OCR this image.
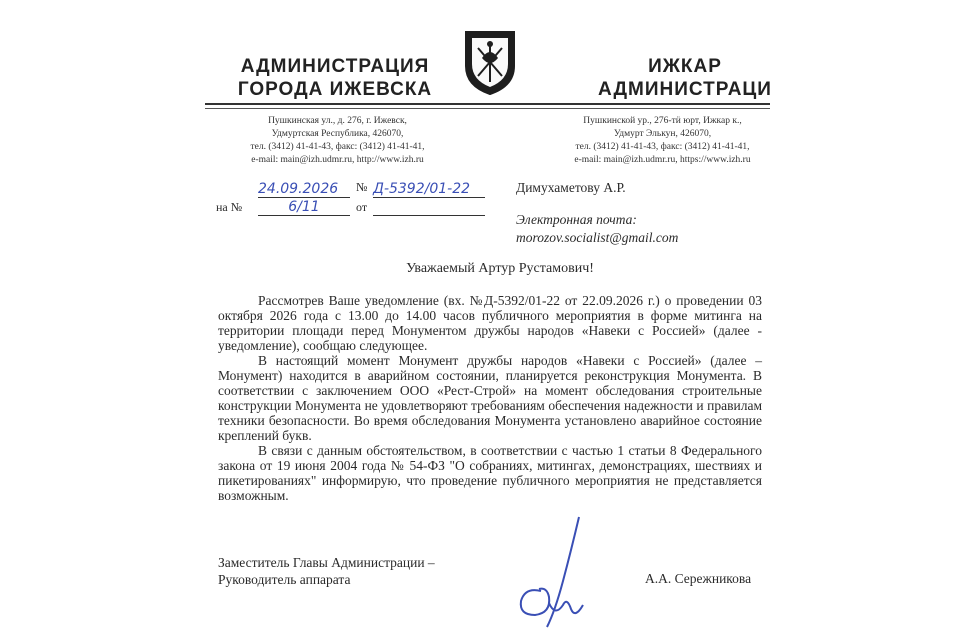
АДМИНИСТРАЦИЯ
ГОРОДА ИЖЕВСКА
ИЖКАР
АДМИНИСТРАЦИ
Пушкинская ул., д. 276, г. Ижевск,
Удмуртская Республика, 426070,
тел. (3412) 41-41-43, факс: (3412) 41-41-41,
e-mail: main@izh.udmr.ru, http://www.izh.ru
Пушкинской ур., 276-тӥ юрт, Ижкар к.,
Удмурт Элькун, 426070,
тел. (3412) 41-41-43, факс: (3412) 41-41-41,
e-mail: main@izh.udmr.ru, https://www.izh.ru
24.09.2026	№ Д-5392/01-22
на №	6/11	от
Димухаметову А.Р.
Электронная почта:
morozov.socialist@gmail.com
Уважаемый Артур Рустамович!

Рассмотрев Ваше уведомление (вх. №Д-5392/01-22 от 22.09.2026 г.) о проведении 03 октября 2026 года с 13.00 до 14.00 часов публичного мероприятия в форме митинга на территории площади перед Монументом дружбы народов «Навеки с Россией» (далее - уведомление), сообщаю следующее.

В настоящий момент Монумент дружбы народов «Навеки с Россией» (далее – Монумент) находится в аварийном состоянии, планируется реконструкция Монумента. В соответствии с заключением ООО «Рест-Строй» на момент обследования строительные конструкции Монумента не удовлетворяют требованиям обеспечения надежности и правилам техники безопасности. Во время обследования Монумента установлено аварийное состояние креплений букв.

В связи с данным обстоятельством, в соответствии с частью 1 статьи 8 Федерального закона от 19 июня 2004 года № 54-ФЗ "О собраниях, митингах, демонстрациях, шествиях и пикетированиях" информирую, что проведение публичного мероприятия не представляется возможным.

Заместитель Главы Администрации –
Руководитель аппарата	А.А. Сережникова
